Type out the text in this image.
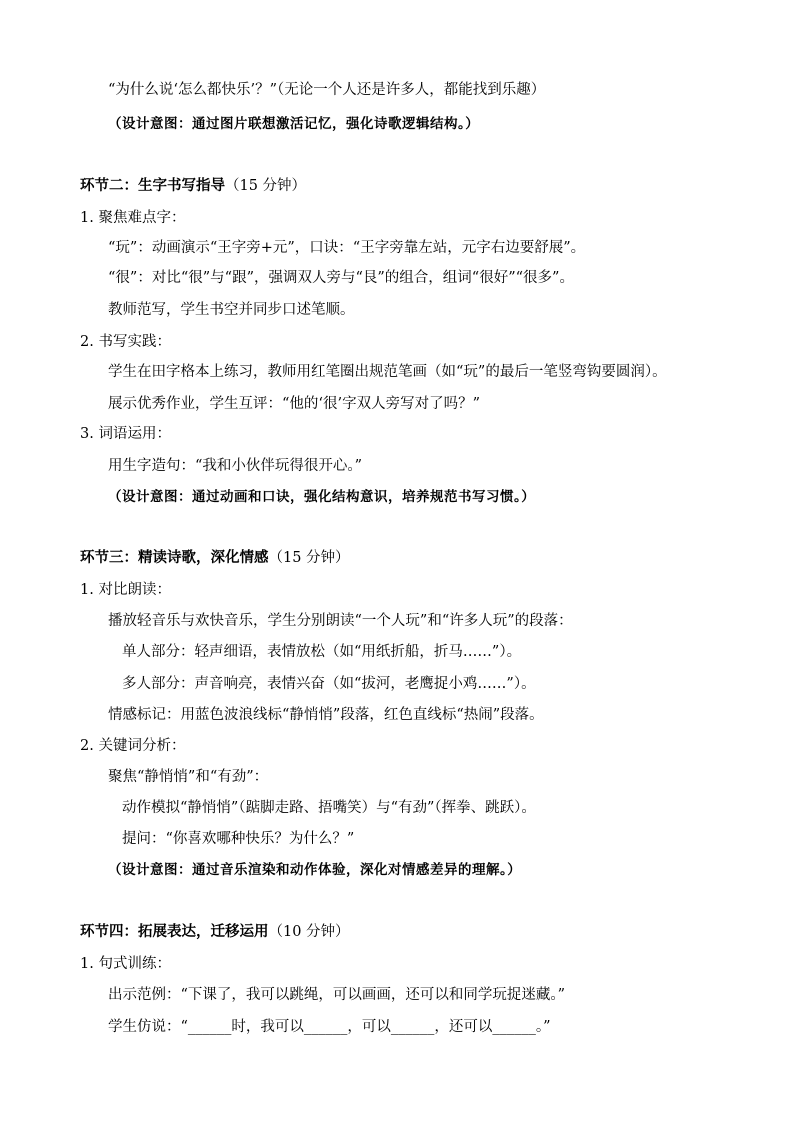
“为什么说‘怎么都快乐’？”（无论一个人还是许多人，都能找到乐趣）
（设计意图：通过图片联想激活记忆，强化诗歌逻辑结构。）
环节二：生字书写指导（15 分钟）
1. 聚焦难点字：
“玩”：动画演示“王字旁+元”，口诀：“王字旁靠左站，元字右边要舒展”。
“很”：对比“很”与“跟”，强调双人旁与“艮”的组合，组词“很好”“很多”。
教师范写，学生书空并同步口述笔顺。
2. 书写实践：
学生在田字格本上练习，教师用红笔圈出规范笔画（如“玩”的最后一笔竖弯钩要圆润）。
展示优秀作业，学生互评：“他的‘很’字双人旁写对了吗？”
3. 词语运用：
用生字造句：“我和小伙伴玩得很开心。”
（设计意图：通过动画和口诀，强化结构意识，培养规范书写习惯。）
环节三：精读诗歌，深化情感（15 分钟）
1. 对比朗读：
播放轻音乐与欢快音乐，学生分别朗读“一个人玩”和“许多人玩”的段落：
单人部分：轻声细语，表情放松（如“用纸折船，折马……”）。
多人部分：声音响亮，表情兴奋（如“拔河，老鹰捉小鸡……”）。
情感标记：用蓝色波浪线标“静悄悄”段落，红色直线标“热闹”段落。
2. 关键词分析：
聚焦“静悄悄”和“有劲”：
动作模拟“静悄悄”（踮脚走路、捂嘴笑）与“有劲”（挥拳、跳跃）。
提问：“你喜欢哪种快乐？为什么？”
（设计意图：通过音乐渲染和动作体验，深化对情感差异的理解。）
环节四：拓展表达，迁移运用（10 分钟）
1. 句式训练：
出示范例：“下课了，我可以跳绳，可以画画，还可以和同学玩捉迷藏。”
学生仿说：“______时，我可以______，可以______，还可以______。”
